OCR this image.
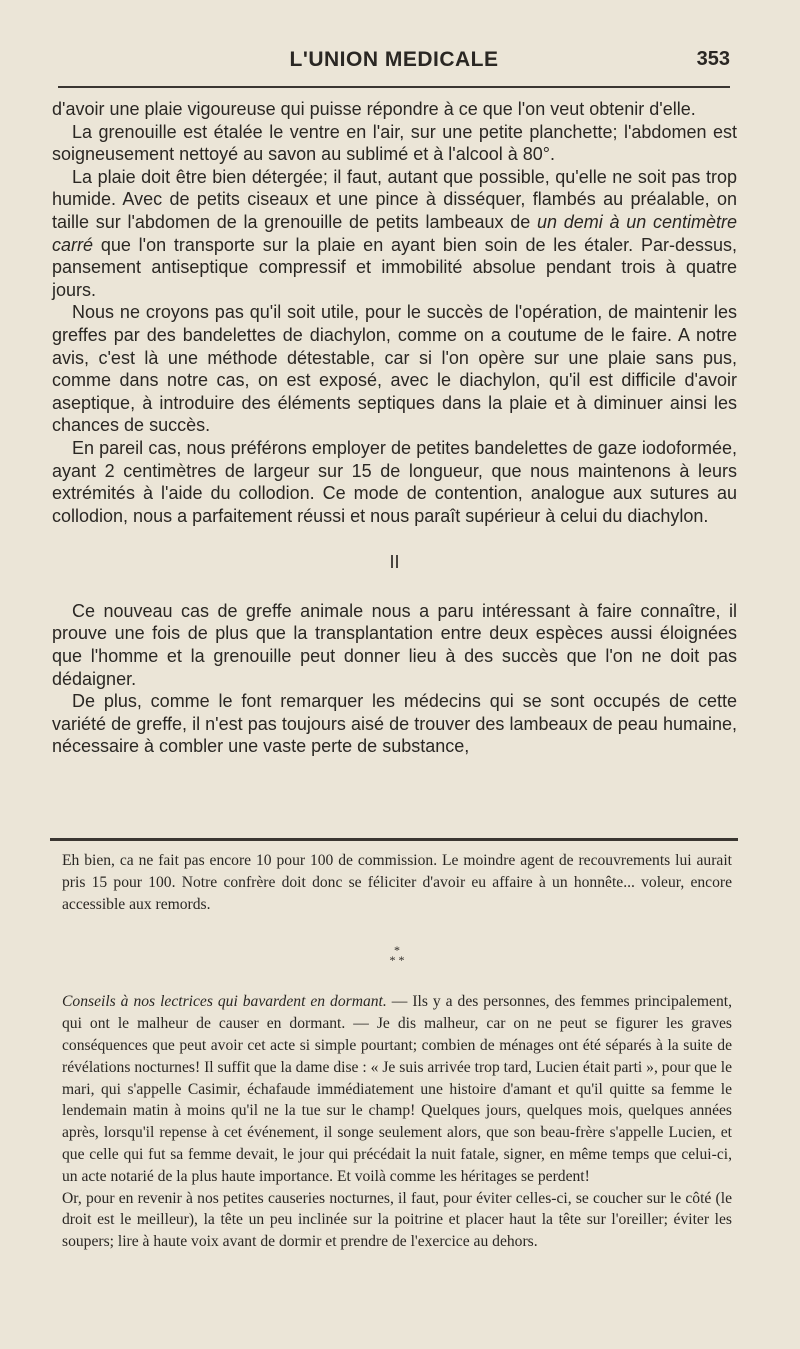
L'UNION MEDICALE	353

d'avoir une plaie vigoureuse qui puisse répondre à ce que l'on veut obtenir d'elle.

La grenouille est étalée le ventre en l'air, sur une petite planchette; l'abdomen est soigneusement nettoyé au savon au sublimé et à l'alcool à 80°.

La plaie doit être bien détergée; il faut, autant que possible, qu'elle ne soit pas trop humide. Avec de petits ciseaux et une pince à disséquer, flambés au préalable, on taille sur l'abdomen de la grenouille de petits lambeaux de un demi à un centimètre carré que l'on transporte sur la plaie en ayant bien soin de les étaler. Par-dessus, pansement antiseptique compressif et immobilité absolue pendant trois à quatre jours.

Nous ne croyons pas qu'il soit utile, pour le succès de l'opération, de maintenir les greffes par des bandelettes de diachylon, comme on a coutume de le faire. A notre avis, c'est là une méthode détestable, car si l'on opère sur une plaie sans pus, comme dans notre cas, on est exposé, avec le diachylon, qu'il est difficile d'avoir aseptique, à introduire des éléments septiques dans la plaie et à diminuer ainsi les chances de succès.

En pareil cas, nous préférons employer de petites bandelettes de gaze iodoformée, ayant 2 centimètres de largeur sur 15 de longueur, que nous maintenons à leurs extrémités à l'aide du collodion. Ce mode de contention, analogue aux sutures au collodion, nous a parfaitement réussi et nous paraît supérieur à celui du diachylon.

II

Ce nouveau cas de greffe animale nous a paru intéressant à faire connaître, il prouve une fois de plus que la transplantation entre deux espèces aussi éloignées que l'homme et la grenouille peut donner lieu à des succès que l'on ne doit pas dédaigner.

De plus, comme le font remarquer les médecins qui se sont occupés de cette variété de greffe, il n'est pas toujours aisé de trouver des lambeaux de peau humaine, nécessaire à combler une vaste perte de substance,

Eh bien, ca ne fait pas encore 10 pour 100 de commission. Le moindre agent de recouvrements lui aurait pris 15 pour 100. Notre confrère doit donc se féliciter d'avoir eu affaire à un honnête... voleur, encore accessible aux remords.

*
* *

Conseils à nos lectrices qui bavardent en dormant. — Ils y a des personnes, des femmes principalement, qui ont le malheur de causer en dormant. — Je dis malheur, car on ne peut se figurer les graves conséquences que peut avoir cet acte si simple pourtant; combien de ménages ont été séparés à la suite de révélations nocturnes! Il suffit que la dame dise : « Je suis arrivée trop tard, Lucien était parti », pour que le mari, qui s'appelle Casimir, échafaude immédiatement une histoire d'amant et qu'il quitte sa femme le lendemain matin à moins qu'il ne la tue sur le champ! Quelques jours, quelques mois, quelques années après, lorsqu'il repense à cet événement, il songe seulement alors, que son beau-frère s'appelle Lucien, et que celle qui fut sa femme devait, le jour qui précédait la nuit fatale, signer, en même temps que celui-ci, un acte notarié de la plus haute importance. Et voilà comme les héritages se perdent!

Or, pour en revenir à nos petites causeries nocturnes, il faut, pour éviter celles-ci, se coucher sur le côté (le droit est le meilleur), la tête un peu inclinée sur la poitrine et placer haut la tête sur l'oreiller; éviter les soupers; lire à haute voix avant de dormir et prendre de l'exercice au dehors.
